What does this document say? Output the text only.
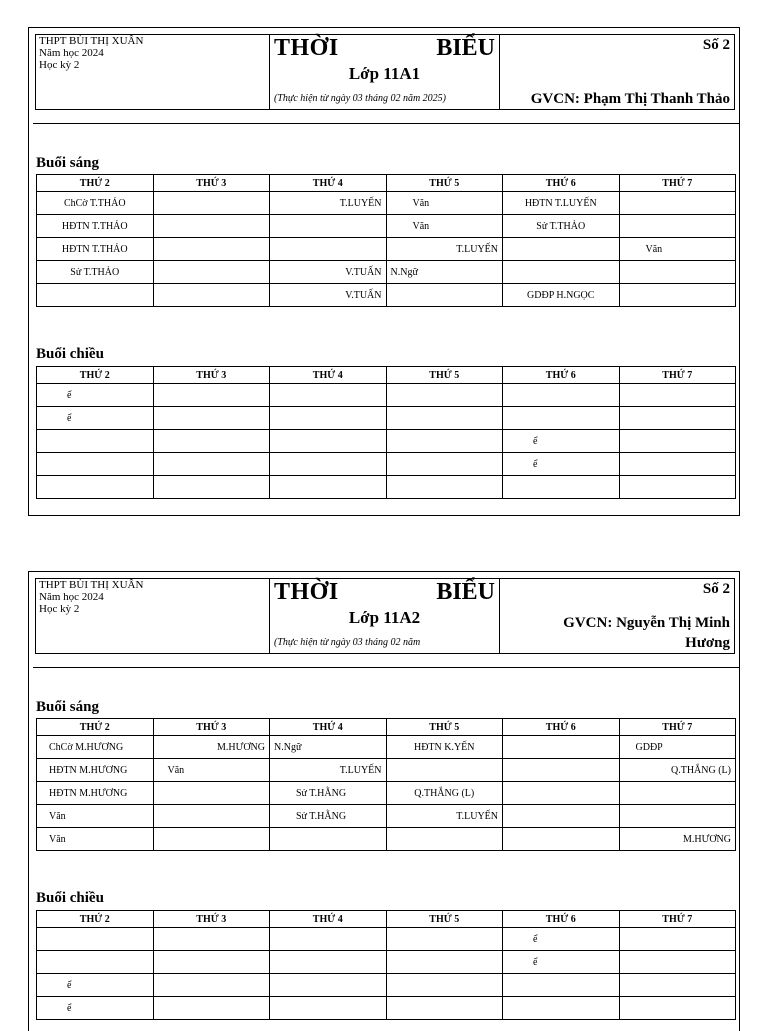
THPT BÙI THỊ XUÂN
Năm học 2024
Học kỳ 2
THỜI	BIỂU
Lớp 11A1
(Thực hiện từ ngày 03 tháng 02 năm 2025)
Số 2
GVCN: Phạm Thị Thanh Thảo
Buổi sáng
THỨ 2	THỨ 3	THỨ 4	THỨ 5	THỨ 6	THỨ 7
ChCờ T.THẢO		T.LUYẾN	Văn	HĐTN T.LUYẾN	
HĐTN T.THẢO			Văn	Sử T.THẢO	
HĐTN T.THẢO			T.LUYẾN		Văn
Sử T.THẢO		V.TUẤN	N.Ngữ		
		V.TUẤN		GDĐP H.NGỌC	
Buổi chiều
THỨ 2	THỨ 3	THỨ 4	THỨ 5	THỨ 6	THỨ 7
ể					
ể					
				ể	
				ể	

THPT BÙI THỊ XUÂN
Năm học 2024
Học kỳ 2
THỜI	BIỂU
Lớp 11A2
(Thực hiện từ ngày 03 tháng 02 năm
Số 2
GVCN: Nguyễn Thị Minh Hương
Buổi sáng
THỨ 2	THỨ 3	THỨ 4	THỨ 5	THỨ 6	THỨ 7
ChCờ M.HƯƠNG	M.HƯƠNG	N.Ngữ	HĐTN K.YẾN		GDĐP
HĐTN M.HƯƠNG	Văn	T.LUYẾN			Q.THẮNG (L)
HĐTN M.HƯƠNG		Sử T.HẰNG	Q.THẮNG (L)		
Văn		Sử T.HẰNG	T.LUYẾN		
Văn					M.HƯƠNG
Buổi chiều
THỨ 2	THỨ 3	THỨ 4	THỨ 5	THỨ 6	THỨ 7
				ể	
				ể	
ể					
ể					
